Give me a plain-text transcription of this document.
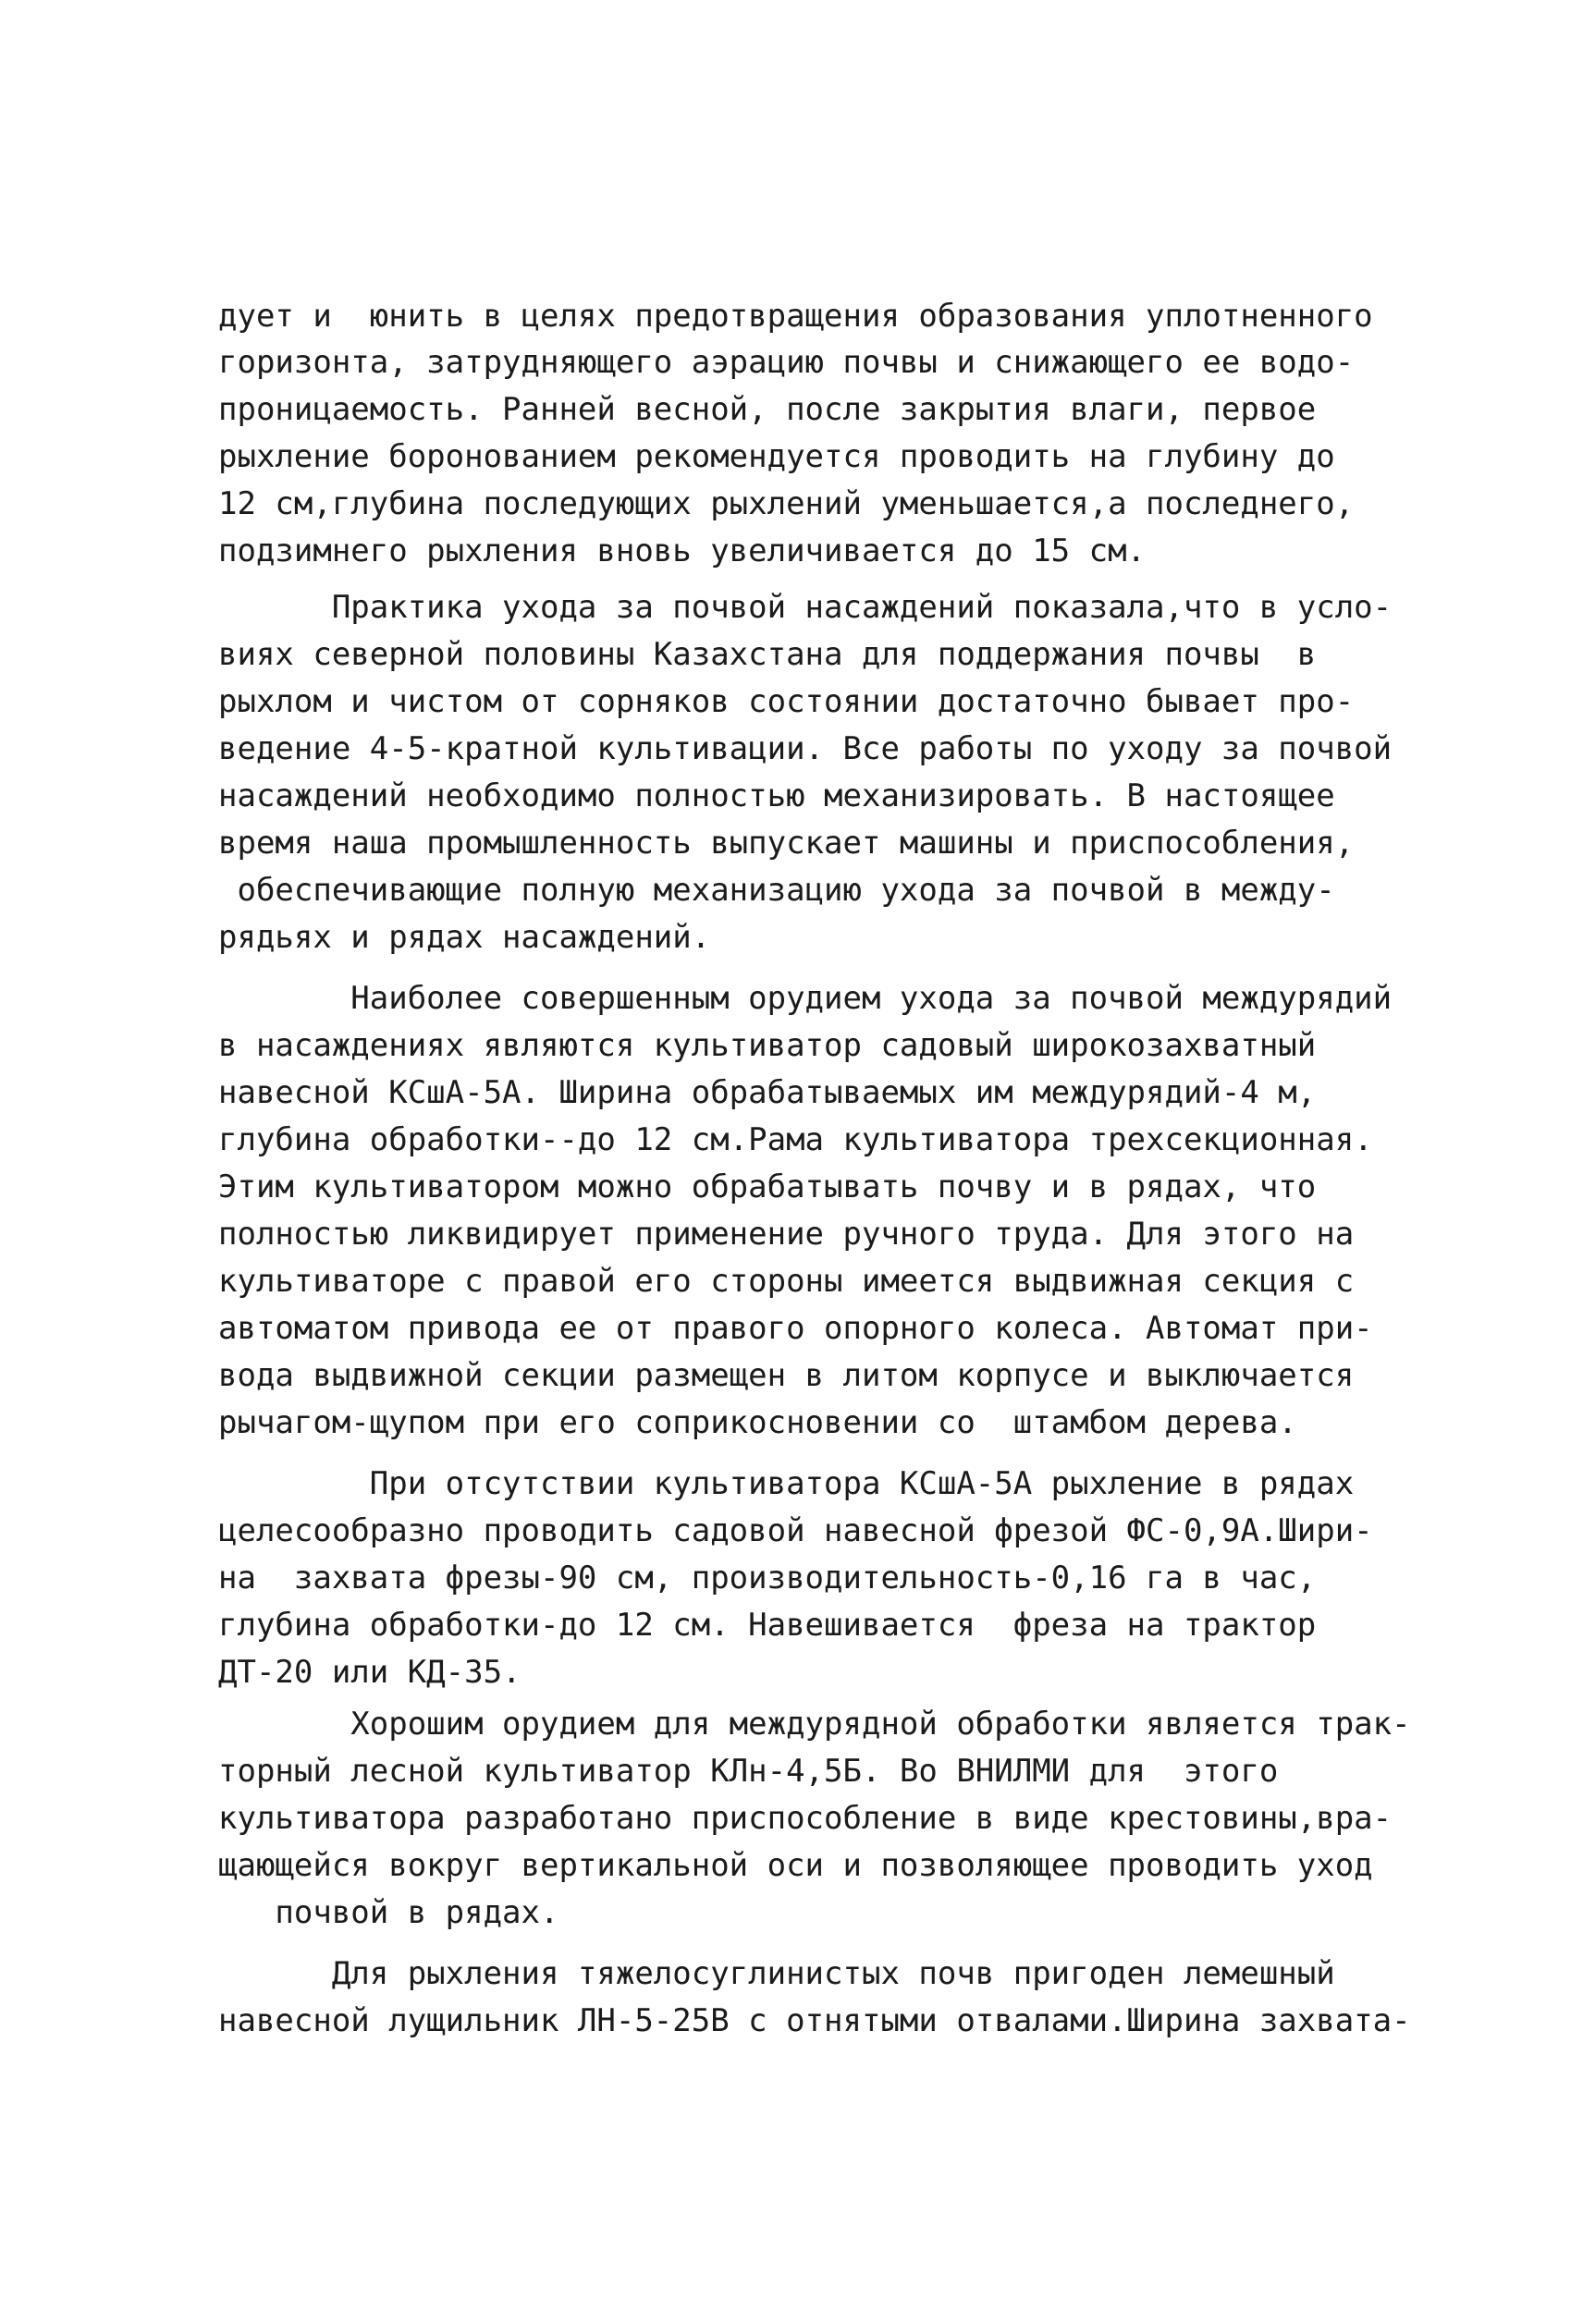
дует и  юнить в целях предотвращения образования уплотненного
горизонта, затрудняющего аэрацию почвы и снижающего ее водо-
проницаемость. Ранней весной, после закрытия влаги, первое
рыхление боронованием рекомендуется проводить на глубину до
12 см,глубина последующих рыхлений уменьшается,а последнего,
подзимнего рыхления вновь увеличивается до 15 см.
Практика ухода за почвой насаждений показала,что в усло-
виях северной половины Казахстана для поддержания почвы  в
рыхлом и чистом от сорняков состоянии достаточно бывает про-
ведение 4-5-кратной культивации. Все работы по уходу за почвой
насаждений необходимо полностью механизировать. В настоящее
время наша промышленность выпускает машины и приспособления,
обеспечивающие полную механизацию ухода за почвой в междy-
рядьях и рядах насаждений.
Наиболее совершенным орудием ухода за почвой междурядий
в насаждениях являются культиватор садовый широкозахватный
навесной КСшА-5А. Ширина обрабатываемых им междурядий-4 м,
глубина обработки--до 12 см.Рама культиватора трехсекционная.
Этим культиватором можно обрабатывать почву и в рядах, что
полностью ликвидирует применение ручного труда. Для этого на
культиваторе с правой его стороны имеется выдвижная секция с
автоматом привода ее от правого опорного колеса. Автомат при-
вода выдвижной секции размещен в литом корпусе и выключается
рычагом-щупом при его соприкосновении со  штамбом дерева.
При отсутствии культиватора КСшА-5А рыхление в рядах
целесообразно проводить садовой навесной фрезой ФС-0,9А.Шири-
на  захвата фрезы-90 см, производительность-0,16 га в час,
глубина обработки-до 12 см. Навешивается  фреза на трактор
ДТ-20 или КД-35.
Хорошим орудием для междурядной обработки является трак-
торный лесной культиватор КЛн-4,5Б. Во ВНИЛМИ для  этого
культиватора разработано приспособление в виде крестовины,вра-
щающейся вокруг вертикальной оси и позволяющее проводить уход
почвой в рядах.
Для рыхления тяжелосуглинистых почв пригоден лемешный
навесной лущильник ЛН-5-25В с отнятыми отвалами.Ширина захвата-
